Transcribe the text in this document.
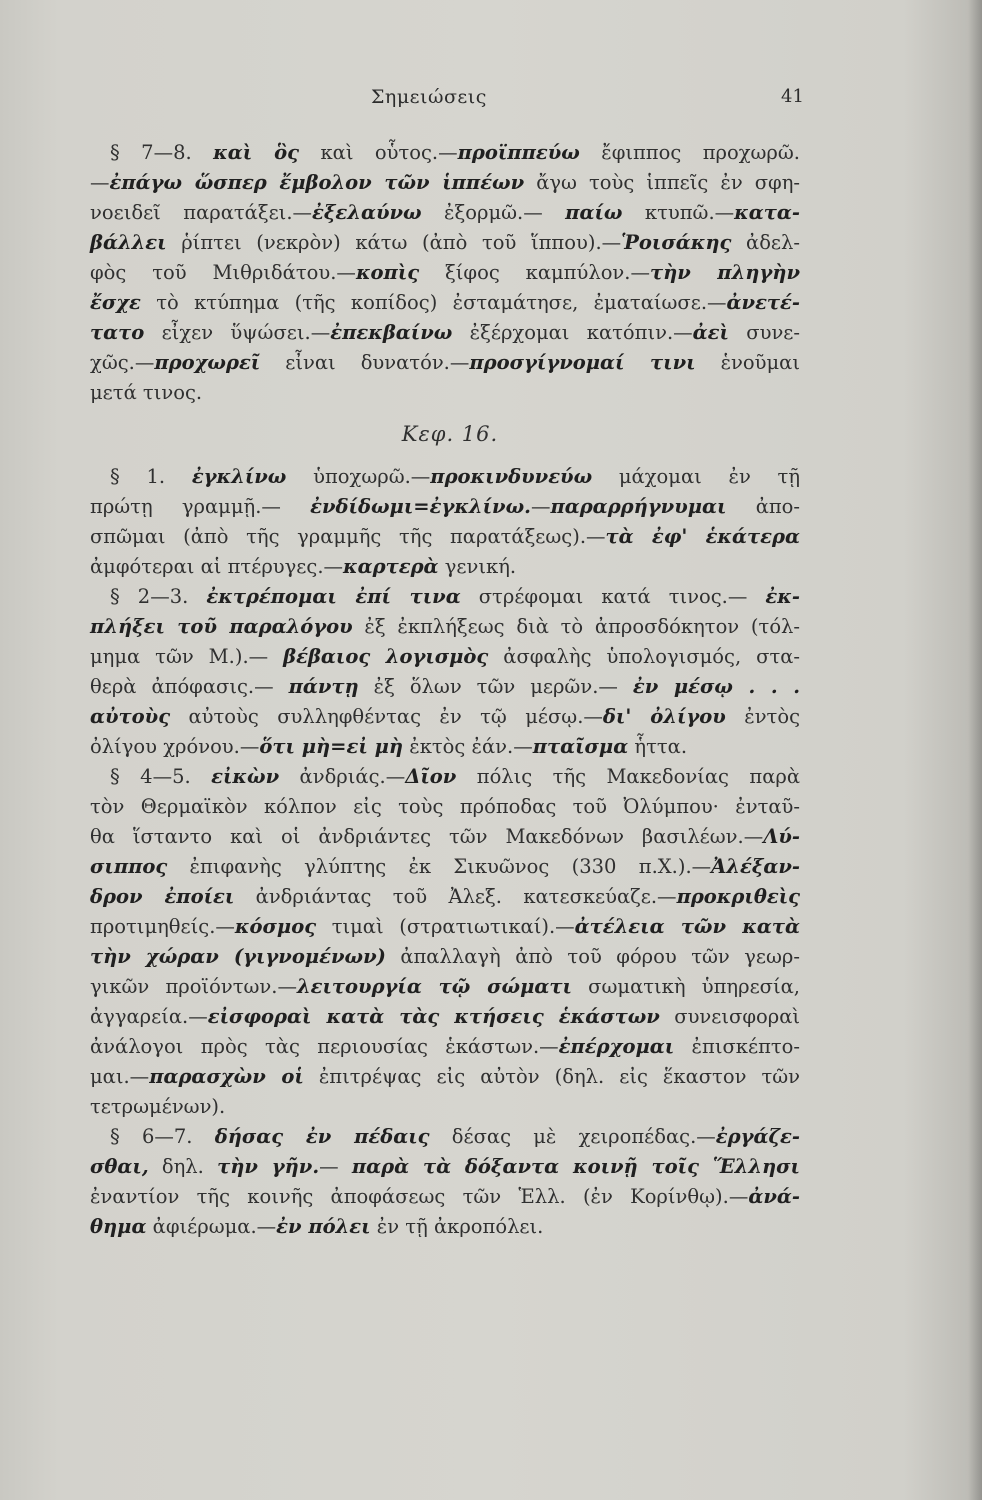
Σημειώσεις	41
§ 7—8. καὶ ὃς καὶ οὗτος.—προϊππεύω ἔφιππος προχωρῶ.
—ἐπάγω ὥσπερ ἔμβολον τῶν ἱππέων ἄγω τοὺς ἱππεῖς ἐν σφη-
νοειδεῖ παρατάξει.—ἐξελαύνω ἐξορμῶ.— παίω κτυπῶ.—κατα-
βάλλει ῥίπτει (νεκρὸν) κάτω (ἀπὸ τοῦ ἵππου).—Ῥοισάκης ἀδελ-
φὸς τοῦ Μιθριδάτου.—κοπὶς ξίφος καμπύλον.—τὴν πληγὴν
ἔσχε τὸ κτύπημα (τῆς κοπίδος) ἐσταμάτησε, ἐματαίωσε.—ἀνετέ-
τατο εἶχεν ὕψώσει.—ἐπεκβαίνω ἐξέρχομαι κατόπιν.—ἀεὶ συνε-
χῶς.—προχωρεῖ εἶναι δυνατόν.—προσγίγνομαί τινι ἑνοῦμαι
μετά τινος.
Κεφ. 16.
§ 1. ἐγκλίνω ὑποχωρῶ.—προκινδυνεύω μάχομαι ἐν τῇ
πρώτῃ γραμμῇ.— ἐνδίδωμι=ἐγκλίνω.—παραρρήγνυμαι ἀπο-
σπῶμαι (ἀπὸ τῆς γραμμῆς τῆς παρατάξεως).—τὰ ἐφ' ἑκάτερα
ἀμφότεραι αἱ πτέρυγες.—καρτερὰ γενική.
§ 2—3. ἐκτρέπομαι ἐπί τινα στρέφομαι κατά τινος.— ἐκ-
πλήξει τοῦ παραλόγου ἐξ ἐκπλήξεως διὰ τὸ ἀπροσδόκητον (τόλ-
μημα τῶν Μ.).— βέβαιος λογισμὸς ἀσφαλὴς ὑπολογισμός, στα-
θερὰ ἀπόφασις.— πάντῃ ἐξ ὅλων τῶν μερῶν.— ἐν μέσῳ . . .
αὐτοὺς αὐτοὺς συλληφθέντας ἐν τῷ μέσῳ.—δι' ὀλίγου ἐντὸς
ὀλίγου χρόνου.—ὅτι μὴ=εἰ μὴ ἐκτὸς ἐάν.—πταῖσμα ἧττα.
§ 4—5. εἰκὼν ἀνδριάς.—Δῖον πόλις τῆς Μακεδονίας παρὰ
τὸν Θερμαϊκὸν κόλπον εἰς τοὺς πρόποδας τοῦ Ὀλύμπου· ἐνταῦ-
θα ἵσταντο καὶ οἱ ἀνδριάντες τῶν Μακεδόνων βασιλέων.—Λύ-
σιππος ἐπιφανὴς γλύπτης ἐκ Σικυῶνος (330 π.Χ.).—Ἀλέξαν-
δρον ἐποίει ἀνδριάντας τοῦ Ἀλεξ. κατεσκεύαζε.—προκριθεὶς
προτιμηθείς.—κόσμος τιμαὶ (στρατιωτικαί).—ἀτέλεια τῶν κατὰ
τὴν χώραν (γιγνομένων) ἀπαλλαγὴ ἀπὸ τοῦ φόρου τῶν γεωρ-
γικῶν προϊόντων.—λειτουργία τῷ σώματι σωματικὴ ὑπηρεσία,
ἀγγαρεία.—εἰσφοραὶ κατὰ τὰς κτήσεις ἑκάστων συνεισφοραὶ
ἀνάλογοι πρὸς τὰς περιουσίας ἑκάστων.—ἐπέρχομαι ἐπισκέπτο-
μαι.—παρασχὼν οἱ ἐπιτρέψας εἰς αὐτὸν (δηλ. εἰς ἕκαστον τῶν
τετρωμένων).
§ 6—7. δήσας ἐν πέδαις δέσας μὲ χειροπέδας.—ἐργάζε-
σθαι, δηλ. τὴν γῆν.— παρὰ τὰ δόξαντα κοινῇ τοῖς Ἕλλησι
ἐναντίον τῆς κοινῆς ἀποφάσεως τῶν Ἑλλ. (ἐν Κορίνθῳ).—ἀνά-
θημα ἀφιέρωμα.—ἐν πόλει ἐν τῇ ἀκροπόλει.
